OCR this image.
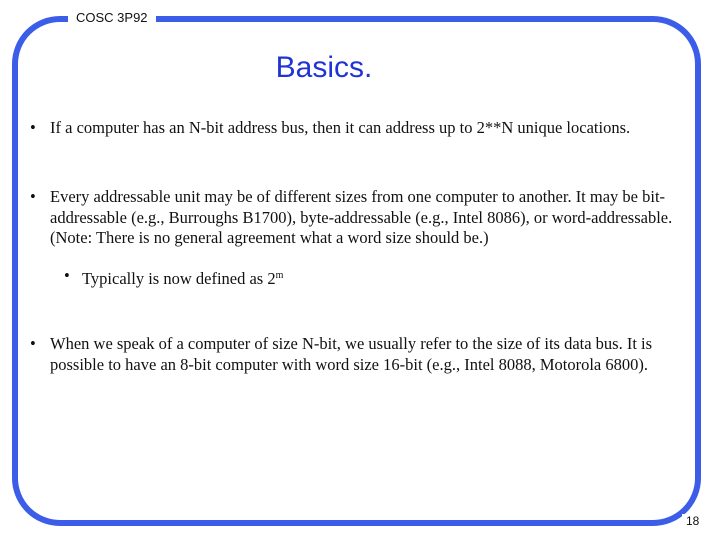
COSC 3P92
Basics.
• If a computer has an N-bit address bus, then it can address up to 2**N unique locations.
• Every addressable unit may be of different sizes from one computer to another. It may be bit-addressable (e.g., Burroughs B1700), byte-addressable (e.g., Intel 8086), or word-addressable. (Note: There is no general agreement what a word size should be.)
• Typically is now defined as 2$^m$
• When we speak of a computer of size N-bit, we usually refer to the size of its data bus. It is possible to have an 8-bit computer with word size 16-bit (e.g., Intel 8088, Motorola 6800).
18
